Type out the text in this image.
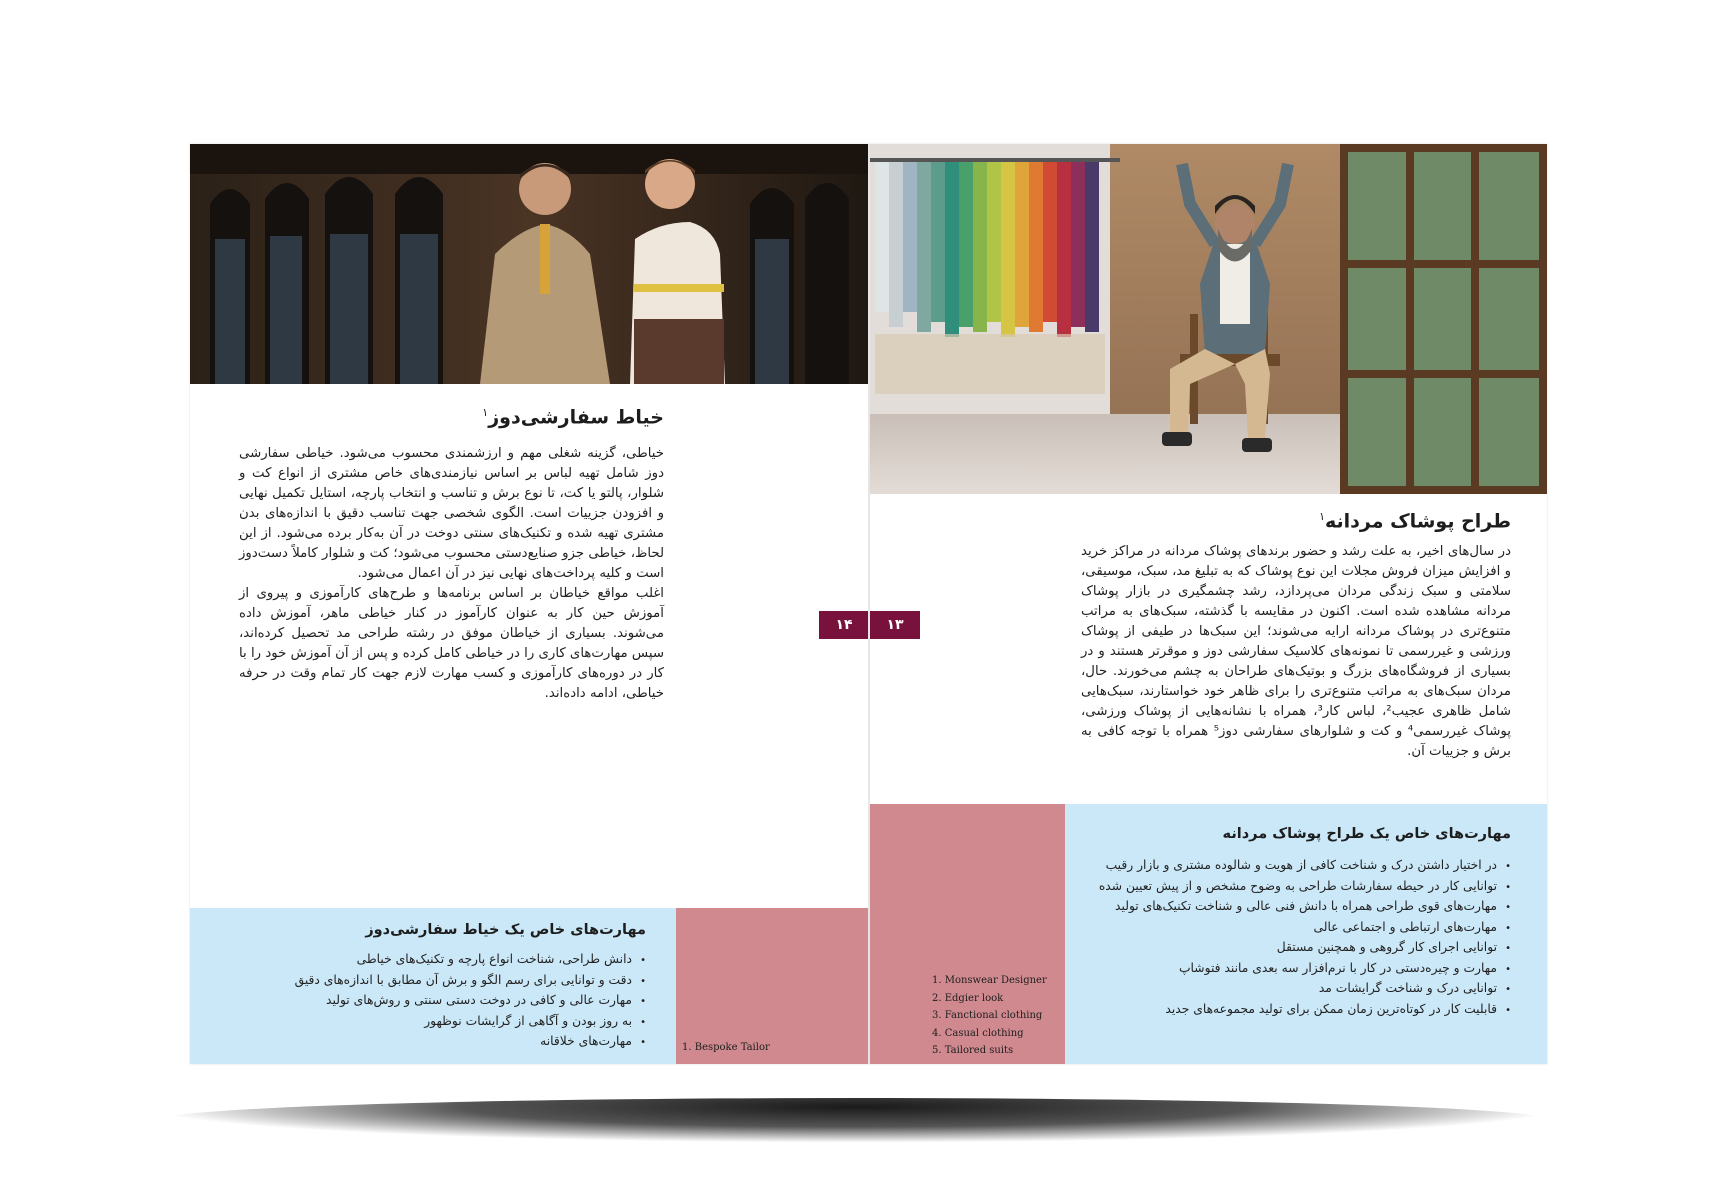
خیاط سفارشی‌دوز$^۱$

خیاطی، گزینه شغلی مهم و ارزشمندی محسوب می‌شود. خیاطی سفارشی دوز شامل تهیه لباس بر اساس نیازمندی‌های خاص مشتری از انواع کت و شلوار، پالتو یا کت، تا نوع برش و تناسب و انتخاب پارچه، استایل تکمیل نهایی و افزودن جزییات است. الگوی شخصی جهت تناسب دقیق با اندازه‌های بدن مشتری تهیه شده و تکنیک‌های سنتی دوخت در آن به‌کار برده می‌شود. از این لحاظ، خیاطی جزو صنایع‌دستی محسوب می‌شود؛ کت و شلوار کاملاً دست‌دوز است و کلیه پرداخت‌های نهایی نیز در آن اعمال می‌شود.

اغلب مواقع خیاطان بر اساس برنامه‌ها و طرح‌های کارآموزی و پیروی از آموزش حین کار به عنوان کارآموز در کنار خیاطی ماهر، آموزش داده می‌شوند. بسیاری از خیاطان موفق در رشته طراحی مد تحصیل کرده‌اند، سپس مهارت‌های کاری را در خیاطی کامل کرده و پس از آن آموزش خود را با کار در دوره‌های کارآموزی و کسب مهارت لازم جهت کار تمام وقت در حرفه خیاطی، ادامه داده‌اند.

۱۴
مهارت‌های خاص یک خیاط سفارشی‌دوز
• دانش طراحی، شناخت انواع پارچه و تکنیک‌های خیاطی
• دقت و توانایی برای رسم الگو و برش آن مطابق با اندازه‌های دقیق
• مهارت عالی و کافی در دوخت دستی سنتی و روش‌های تولید
• به روز بودن و آگاهی از گرایشات نوظهور
• مهارت‌های خلاقانه	1. Bespoke Tailor
طراح پوشاک مردانه$^۱$

در سال‌های اخیر، به علت رشد و حضور برندهای پوشاک مردانه در مراکز خرید و افزایش میزان فروش مجلات این نوع پوشاک که به تبلیغ مد، سبک، موسیقی، سلامتی و سبک زندگی مردان می‌پردازد، رشد چشمگیری در بازار پوشاک مردانه مشاهده شده است. اکنون در مقایسه با گذشته، سبک‌های به مراتب متنوع‌تری در پوشاک مردانه ارایه می‌شوند؛ این سبک‌ها در طیفی از پوشاک ورزشی و غیررسمی تا نمونه‌های کلاسیک سفارشی دوز و موقرتر هستند و در بسیاری از فروشگاه‌های بزرگ و بوتیک‌های طراحان به چشم می‌خورند. حال، مردان سبک‌های به مراتب متنوع‌تری را برای ظاهر خود خواستارند، سبک‌هایی شامل ظاهری عجیب²، لباس کار³، همراه با نشانه‌هایی از پوشاک ورزشی، پوشاک غیررسمی⁴ و کت و شلوارهای سفارشی دوز⁵ همراه با توجه کافی به برش و جزییات آن.

۱۳
1. Monswear Designer
2. Edgier look
3. Fanctional clothing
4. Casual clothing
5. Tailored suits
مهارت‌های خاص یک طراح پوشاک مردانه
• در اختیار داشتن درک و شناخت کافی از هویت و شالوده مشتری و بازار رقیب
• توانایی کار در حیطه سفارشات طراحی به وضوح مشخص و از پیش تعیین شده
• مهارت‌های قوی طراحی همراه با دانش فنی عالی و شناخت تکنیک‌های تولید
• مهارت‌های ارتباطی و اجتماعی عالی
• توانایی اجرای کار گروهی و همچنین مستقل
• مهارت و چیره‌دستی در کار با نرم‌افزار سه بعدی مانند فتوشاپ
• توانایی درک و شناخت گرایشات مد
• قابلیت کار در کوتاه‌ترین زمان ممکن برای تولید مجموعه‌های جدید
